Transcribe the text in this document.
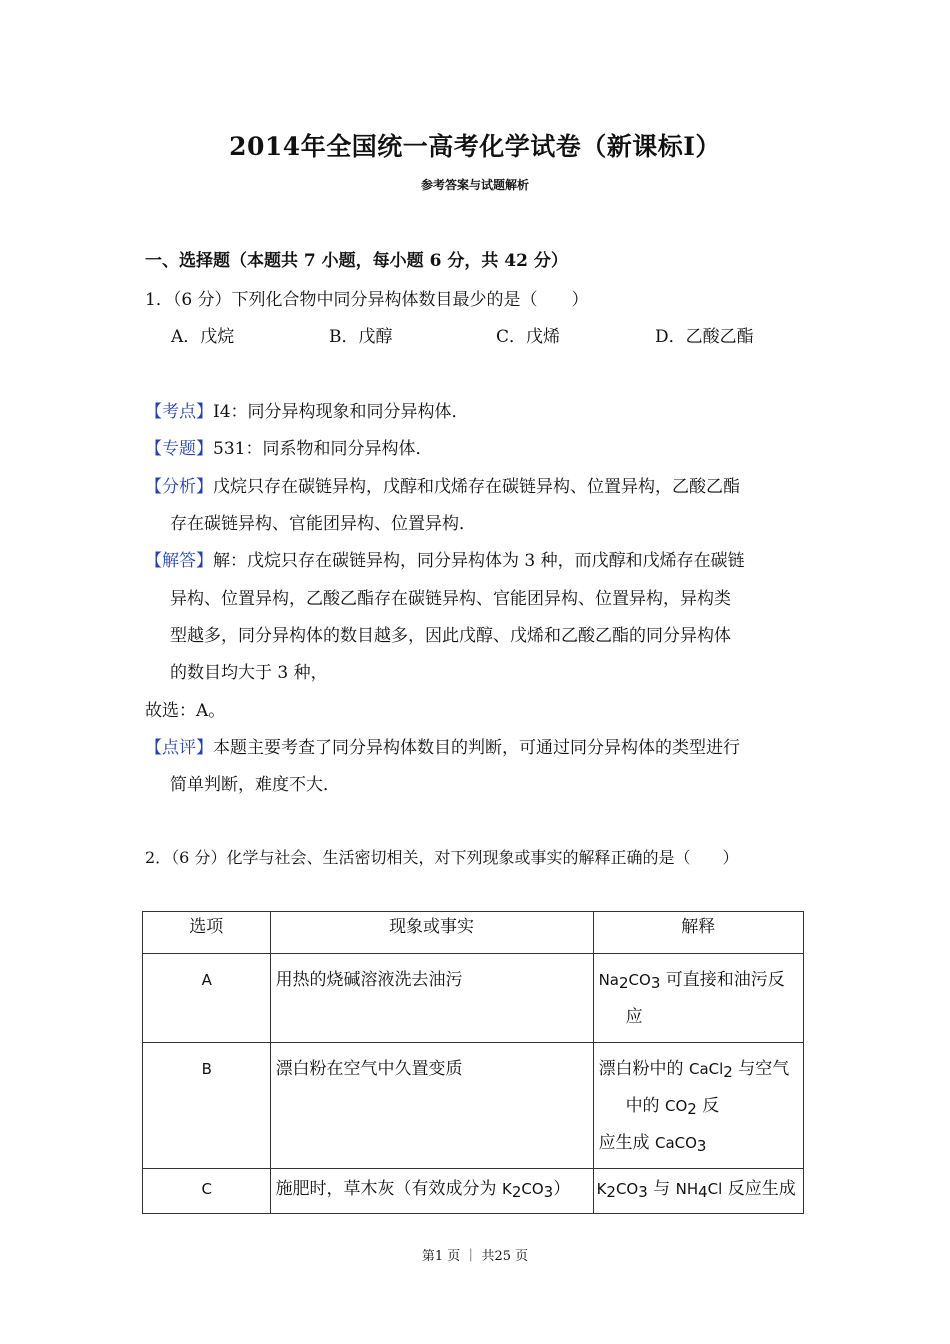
2014年全国统一高考化学试卷（新课标Ⅰ）
参考答案与试题解析
一、选择题（本题共 7 小题，每小题 6 分，共 42 分）
1．（6 分）下列化合物中同分异构体数目最少的是（　　）
A．戊烷	B．戊醇	C．戊烯	D．乙酸乙酯
【考点】I4：同分异构现象和同分异构体．
【专题】531：同系物和同分异构体．
【分析】戊烷只存在碳链异构，戊醇和戊烯存在碳链异构、位置异构，乙酸乙酯
存在碳链异构、官能团异构、位置异构．
【解答】解：戊烷只存在碳链异构，同分异构体为 3 种，而戊醇和戊烯存在碳链
异构、位置异构，乙酸乙酯存在碳链异构、官能团异构、位置异构，异构类
型越多，同分异构体的数目越多，因此戊醇、戊烯和乙酸乙酯的同分异构体
的数目均大于 3 种，
故选：A。
【点评】本题主要考查了同分异构体数目的判断，可通过同分异构体的类型进行
简单判断，难度不大．
2．（6 分）化学与社会、生活密切相关，对下列现象或事实的解释正确的是（　　）
选项	现象或事实	解释

A	用热的烧碱溶液洗去油污	$Na_2CO_3$ 可直接和油污反
应

B	漂白粉在空气中久置变质	漂白粉中的 CaCl$_2$ 与空气
中的 $CO_2$ 反
应生成 CaCO$_3$

C	施肥时，草木灰（有效成分为 $K_2CO_3$）	$K_2CO_3$ 与 $NH_4Cl$ 反应生成
第1 页 ｜ 共25 页
